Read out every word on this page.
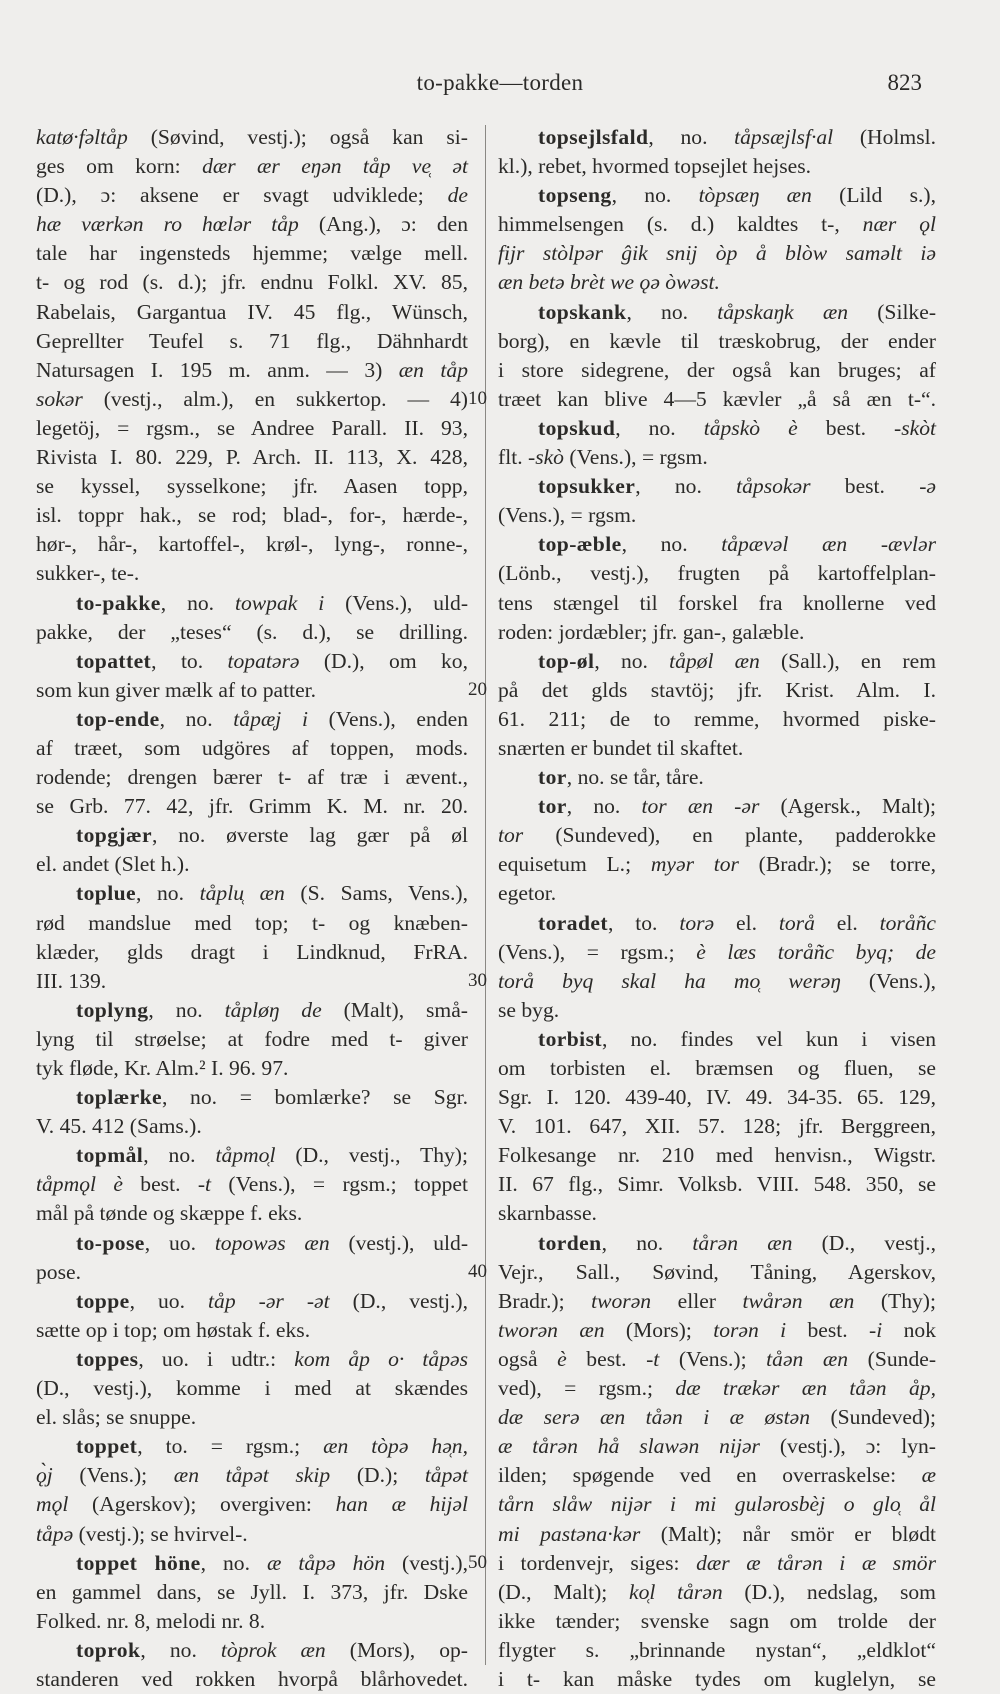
to-pakke—torden	823
katø·fəltåp (Søvind, vestj.); også kan si-
ges om korn: dær ær eŋən tåp ve̜ ət
(D.), ɔ: aksene er svagt udviklede; de
hæ værkən ro hœlər tåp (Ang.), ɔ: den
tale har ingensteds hjemme; vælge mell.
t- og rod (s. d.); jfr. endnu Folkl. XV. 85,
Rabelais, Gargantua IV. 45 flg., Wünsch,
Geprellter Teufel s. 71 flg., Dähnhardt
Natursagen I. 195 m. anm. — 3) æn tåp
sokər (vestj., alm.), en sukkertop. — 4)
legetöj, = rgsm., se Andree Parall. II. 93,
Rivista I. 80. 229, P. Arch. II. 113, X. 428,
se kyssel, sysselkone; jfr. Aasen topp,
isl. toppr hak., se rod; blad-, for-, hærde-,
hør-, hår-, kartoffel-, krøl-, lyng-, ronne-,
sukker-, te-.
to-pakke, no. towpak i (Vens.), uld-
pakke, der „teses“ (s. d.), se drilling.
topattet, to. topatərə (D.), om ko,
som kun giver mælk af to patter.
top-ende, no. tåpæ̜j i (Vens.), enden
af træet, som udgöres af toppen, mods.
rodende; drengen bærer t- af træ i ævent.,
se Grb. 77. 42, jfr. Grimm K. M. nr. 20.
topgjær, no. øverste lag gær på øl
el. andet (Slet h.).
toplue, no. tåplu̜ æn (S. Sams, Vens.),
rød mandslue med top; t- og knæben-
klæder, glds dragt i Lindknud, FrRA.
III. 139.
toplyng, no. tåpløŋ de (Malt), små-
lyng til strøelse; at fodre med t- giver
tyk fløde, Kr. Alm.² I. 96. 97.
toplærke, no. = bomlærke? se Sgr.
V. 45. 412 (Sams.).
topmål, no. tåpmo̜l (D., vestj., Thy);
tåpmǫl è best. -t (Vens.), = rgsm.; toppet
mål på tønde og skæppe f. eks.
to-pose, uo. topowəs æn (vestj.), uld-
pose.
toppe, uo. tåp -ər -ət (D., vestj.),
sætte op i top; om høstak f. eks.
toppes, uo. i udtr.: kom åp o· tåpəs
(D., vestj.), komme i med at skændes
el. slås; se snuppe.
toppet, to. = rgsm.; æn tòpə hə̜n,
ǫ̀j (Vens.); æn tåpət skip (D.); tåpət
mǫl (Agerskov); overgiven: han æ hijəl
tåpə (vestj.); se hvirvel-.
toppet höne, no. æ tåpə hön (vestj.),
en gammel dans, se Jyll. I. 373, jfr. Dske
Folked. nr. 8, melodi nr. 8.
toprok, no. tòprok æn (Mors), op-
standeren ved rokken hvorpå blårhovedet.
topsejlsfald, no. tåpsæjlsf·al (Holmsl.
kl.), rebet, hvormed topsejlet hejses.
topseng, no. tòpsæŋ æn (Lild s.),
himmelsengen (s. d.) kaldtes t-, nær ǫl
fijr stòlpər ĝik snij òp å blòw samǝlt iə
æn betə brèt we ǫə òwəst.
topskank, no. tåpskaŋk æn (Silke-
borg), en kævle til træskobrug, der ender
i store sidegrene, der også kan bruges; af
træet kan blive 4—5 kævler „å så æn t-“.
topskud, no. tåpskò è best. -skòt
flt. -skò (Vens.), = rgsm.
topsukker, no. tåpsokər best. -ə
(Vens.), = rgsm.
top-æble, no. tåpævəl æn -ævlər
(Lönb., vestj.), frugten på kartoffelplan-
tens stængel til forskel fra knollerne ved
roden: jordæbler; jfr. gan-, galæble.
top-øl, no. tåpøl æn (Sall.), en rem
på det glds stavtöj; jfr. Krist. Alm. I.
61. 211; de to remme, hvormed piske-
snærten er bundet til skaftet.
tor, no. se tår, tåre.
tor, no. tor æn -ər (Agersk., Malt);
tor (Sundeved), en plante, padderokke
equisetum L.; myər tor (Bradr.); se torre,
egetor.
toradet, to. torə el. torå el. toråñc
(Vens.), = rgsm.; è læs toråñc byq; de
torå byq skal ha mo̜ werəŋ (Vens.),
se byg.
torbist, no. findes vel kun i visen
om torbisten el. bræmsen og fluen, se
Sgr. I. 120. 439-40, IV. 49. 34-35. 65. 129,
V. 101. 647, XII. 57. 128; jfr. Berggreen,
Folkesange nr. 210 med henvisn., Wigstr.
II. 67 flg., Simr. Volksb. VIII. 548. 350, se
skarnbasse.
torden, no. tårən æn (D., vestj.,
Vejr., Sall., Søvind, Tåning, Agerskov,
Bradr.); tworən eller twårən æn (Thy);
tworən æn (Mors); torən i best. -i nok
også è best. -t (Vens.); tåən æn (Sunde-
ved), = rgsm.; dæ trækər æn tåən åp,
dæ serə æn tåən i æ østən (Sundeved);
æ tårən hå slawən nijər (vestj.), ɔ: lyn-
ilden; spøgende ved en overraskelse: æ
tårn slåw nijər i mi gulərosbèj o glo̜ ål
mi pastəna·kər (Malt); når smör er blødt
i tordenvejr, siges: dær æ tårən i æ smör
(D., Malt); ko̜l tårən (D.), nedslag, som
ikke tænder; svenske sagn om trolde der
flygter s. „brinnande nystan“, „eldklot“
i t- kan måske tydes om kuglelyn, se
10
20
30
40
50
